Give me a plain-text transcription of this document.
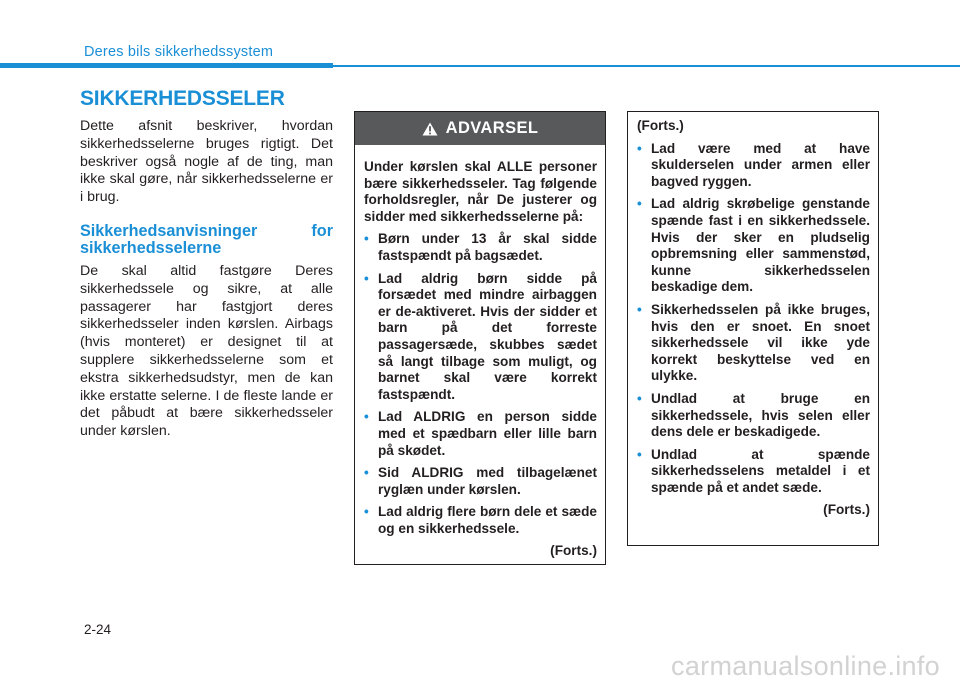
Deres bils sikkerhedssystem
SIKKERHEDSSELER

Dette afsnit beskriver, hvordan sikkerhedsselerne bruges rigtigt. Det beskriver også nogle af de ting, man ikke skal gøre, når sikkerhedsselerne er i brug.

Sikkerhedsanvisninger for sikkerhedsselerne

De skal altid fastgøre Deres sikkerhedssele og sikre, at alle passagerer har fastgjort deres sikkerhedsseler inden kørslen. Airbags (hvis monteret) er designet til at supplere sikkerhedsselerne som et ekstra sikkerhedsudstyr, men de kan ikke erstatte selerne. I de fleste lande er det påbudt at bære sikkerhedsseler under kørslen.

ADVARSEL

Under kørslen skal ALLE personer bære sikkerhedsseler. Tag følgende forholdsregler, når De justerer og sidder med sikkerhedsselerne på:

• Børn under 13 år skal sidde fastspændt på bagsædet.
• Lad aldrig børn sidde på forsædet med mindre airbaggen er de-aktiveret. Hvis der sidder et barn på det forreste passagersæde, skubbes sædet så langt tilbage som muligt, og barnet skal være korrekt fastspændt.
• Lad ALDRIG en person sidde med et spædbarn eller lille barn på skødet.
• Sid ALDRIG med tilbagelænet ryglæn under kørslen.
• Lad aldrig flere børn dele et sæde og en sikkerhedssele.

(Forts.)

(Forts.)

• Lad være med at have skulderselen under armen eller bagved ryggen.
• Lad aldrig skrøbelige genstande spænde fast i en sikkerhedssele. Hvis der sker en pludselig opbremsning eller sammenstød, kunne sikkerhedsselen beskadige dem.
• Sikkerhedsselen på ikke bruges, hvis den er snoet. En snoet sikkerhedssele vil ikke yde korrekt beskyttelse ved en ulykke.
• Undlad at bruge en sikkerhedssele, hvis selen eller dens dele er beskadigede.
• Undlad at spænde sikkerhedsselens metaldel i et spænde på et andet sæde.

(Forts.)

2-24
carmanualsonline.info
